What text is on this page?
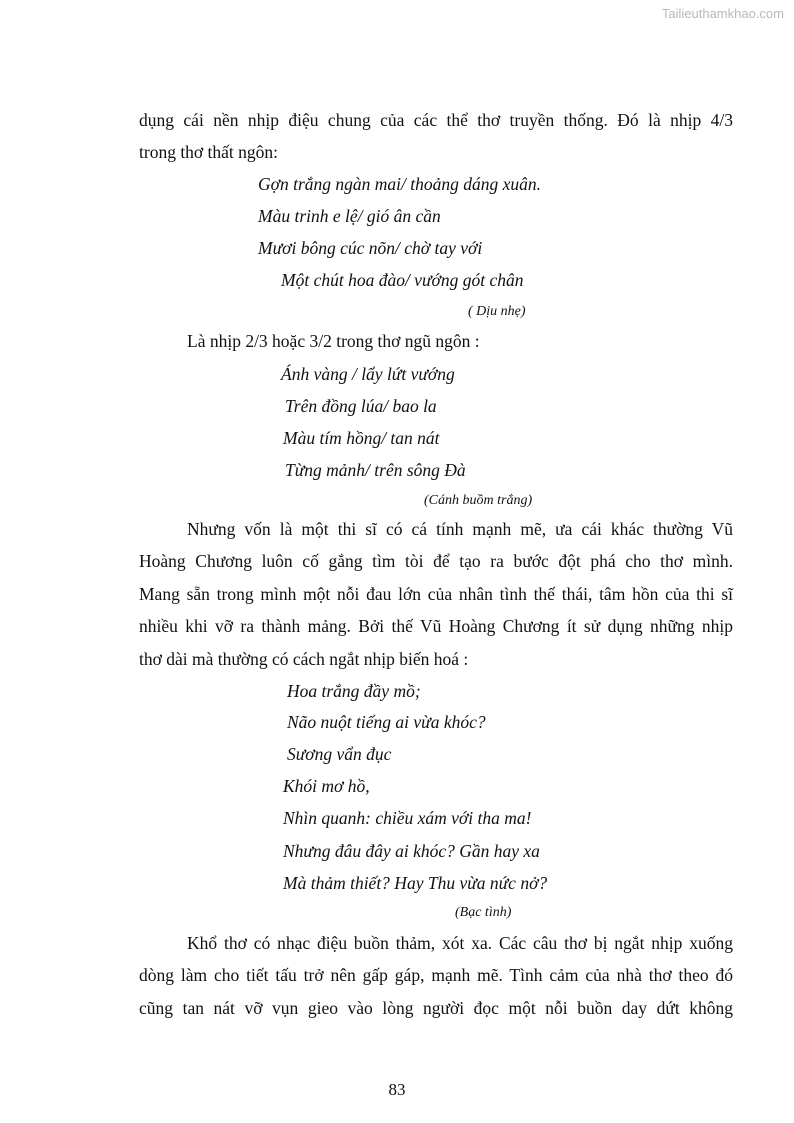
Tailieuthamkhao.com
dụng cái nền nhịp điệu chung của các thể thơ truyền thống. Đó là nhịp 4/3
trong thơ thất ngôn:
Gợn trắng ngàn mai/ thoảng dáng xuân.
Màu trinh e lệ/ gió ân cần
Mươi bông cúc nõn/ chờ tay với
Một chút hoa đào/ vướng gót chân
( Dịu nhẹ)
Là nhịp 2/3 hoặc 3/2 trong thơ ngũ ngôn :
Ánh vàng / lẩy lứt vướng
Trên đồng lúa/ bao la
Màu tím hồng/ tan nát
Từng mảnh/ trên sông Đà
(Cánh buồm trắng)
Nhưng vốn là một thi sĩ có cá tính mạnh mẽ, ưa cái khác thường Vũ
Hoàng Chương luôn cố gắng tìm tòi để tạo ra bước đột phá cho thơ mình.
Mang sẵn trong mình một nỗi đau lớn của nhân tình thế thái, tâm hồn của thi sĩ
nhiều khi vỡ ra thành mảng. Bởi thế Vũ Hoàng Chương ít sử dụng những nhịp
thơ dài mà thường có cách ngắt nhịp biến hoá :
Hoa trắng đầy mồ;
Não nuột tiếng ai vừa khóc?
Sương vẩn đục
Khói mơ hồ,
Nhìn quanh: chiều xám với tha ma!
Nhưng đâu đây ai khóc? Gần hay xa
Mà thảm thiết? Hay Thu vừa nức nở?
(Bạc tình)
Khổ thơ có nhạc điệu buồn thảm, xót xa. Các câu thơ bị ngắt nhịp xuống
dòng làm cho tiết tấu trở nên gấp gáp, mạnh mẽ. Tình cảm của nhà thơ theo đó
cũng tan nát vỡ vụn gieo vào lòng người đọc một nỗi buồn day dứt không
83
